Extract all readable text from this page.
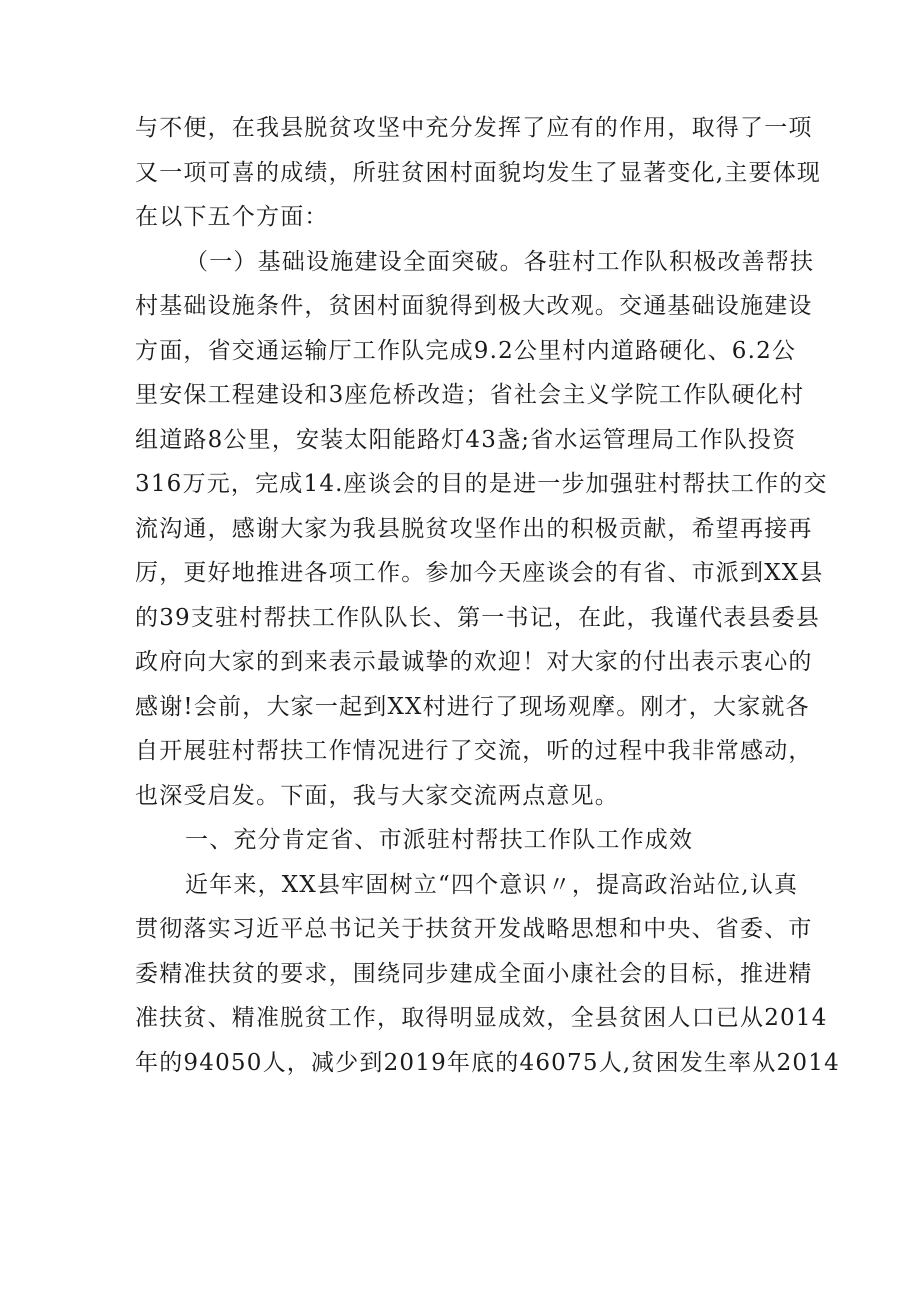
与不便，在我县脱贫攻坚中充分发挥了应有的作用，取得了一项
又一项可喜的成绩，所驻贫困村面貌均发生了显著变化,主要体现
在以下五个方面：
（一）基础设施建设全面突破。各驻村工作队积极改善帮扶
村基础设施条件，贫困村面貌得到极大改观。交通基础设施建设
方面，省交通运输厅工作队完成9.2公里村内道路硬化、6.2公
里安保工程建设和3座危桥改造；省社会主义学院工作队硬化村
组道路8公里，安装太阳能路灯43盏;省水运管理局工作队投资
316万元，完成14.座谈会的目的是进一步加强驻村帮扶工作的交
流沟通，感谢大家为我县脱贫攻坚作出的积极贡献，希望再接再
厉，更好地推进各项工作。参加今天座谈会的有省、市派到XX县
的39支驻村帮扶工作队队长、第一书记，在此，我谨代表县委县
政府向大家的到来表示最诚挚的欢迎！对大家的付出表示衷心的
感谢!会前，大家一起到XX村进行了现场观摩。刚才，大家就各
自开展驻村帮扶工作情况进行了交流，听的过程中我非常感动，
也深受启发。下面，我与大家交流两点意见。
一、充分肯定省、市派驻村帮扶工作队工作成效
近年来，XX县牢固树立“四个意识〃，提高政治站位,认真
贯彻落实习近平总书记关于扶贫开发战略思想和中央、省委、市
委精准扶贫的要求，围绕同步建成全面小康社会的目标，推进精
准扶贫、精准脱贫工作，取得明显成效，全县贫困人口已从2014
年的94050人，减少到2019年底的46075人,贫困发生率从2014
